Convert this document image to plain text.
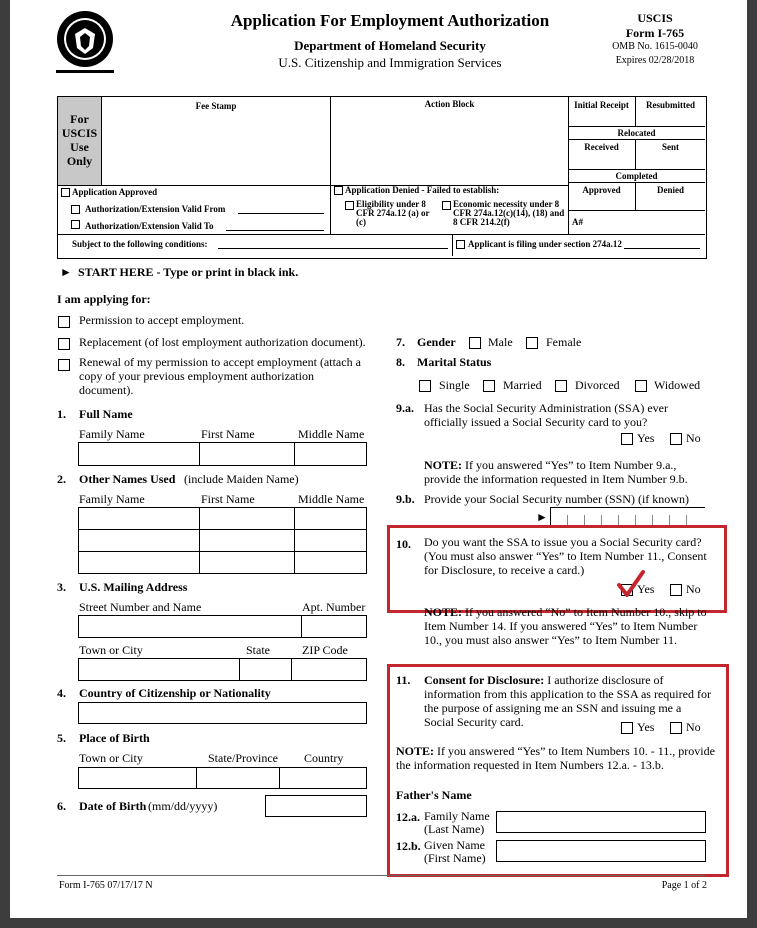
Application For Employment Authorization
Department of Homeland Security
U.S. Citizenship and Immigration Services
USCIS
Form I-765
OMB No. 1615-0040
Expires 02/28/2018
For USCIS Use Only
Fee Stamp	Action Block	Initial Receipt	Resubmitted
Relocated
Received	Sent
Completed
Approved	Denied
A#
Application Approved
Authorization/Extension Valid From
Authorization/Extension Valid To
Subject to the following conditions:
Application Denied - Failed to establish:
Eligibility under 8 CFR 274a.12 (a) or (c)
Economic necessity under 8 CFR 274a.12(c)(14), (18) and 8 CFR 214.2(f)
Applicant is filing under section 274a.12
► START HERE - Type or print in black ink.
I am applying for:
Permission to accept employment.
Replacement (of lost employment authorization document).
Renewal of my permission to accept employment (attach a copy of your previous employment authorization document).
1. Full Name
Family Name	First Name	Middle Name
2. Other Names Used (include Maiden Name)
Family Name	First Name	Middle Name
3. U.S. Mailing Address
Street Number and Name	Apt. Number
Town or City	State	ZIP Code
4. Country of Citizenship or Nationality
5. Place of Birth
Town or City	State/Province Country
6. Date of Birth (mm/dd/yyyy)
7. Gender	Male	Female
8. Marital Status
Single	Married	Divorced	Widowed
9.a. Has the Social Security Administration (SSA) ever officially issued a Social Security card to you?
Yes	No
NOTE: If you answered “Yes” to Item Number 9.a., provide the information requested in Item Number 9.b.
9.b. Provide your Social Security number (SSN) (if known)
►
10. Do you want the SSA to issue you a Social Security card? (You must also answer “Yes” to Item Number 11., Consent for Disclosure, to receive a card.)
Yes	No
NOTE: If you answered “No” to Item Number 10., skip to Item Number 14. If you answered “Yes” to Item Number 10., you must also answer “Yes” to Item Number 11.
11. Consent for Disclosure: I authorize disclosure of information from this application to the SSA as required for the purpose of assigning me an SSN and issuing me a Social Security card.	Yes	No
NOTE: If you answered “Yes” to Item Numbers 10. - 11., provide the information requested in Item Numbers 12.a. - 13.b.
Father's Name
12.a. Family Name
(Last Name)
12.b. Given Name
(First Name)
Form I-765 07/17/17 N	Page 1 of 2
